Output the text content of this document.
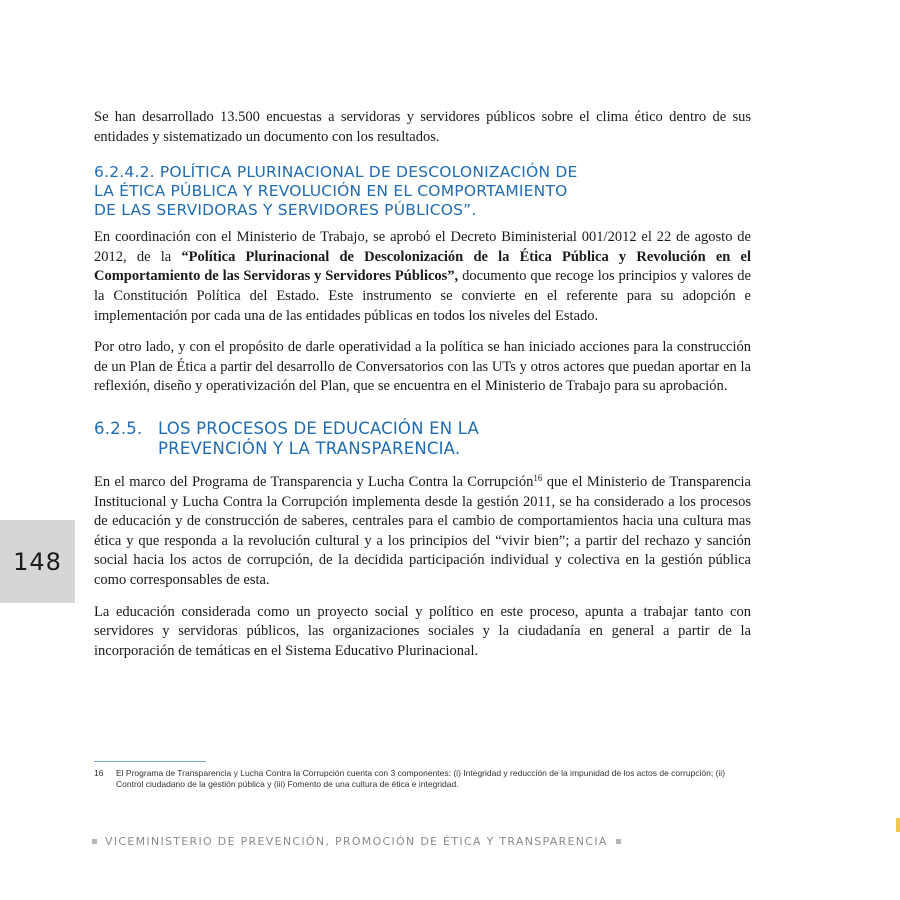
Se han desarrollado 13.500 encuestas a servidoras y servidores públicos sobre el clima ético dentro de sus entidades y sistematizado un documento con los resultados.

6.2.4.2. POLÍTICA PLURINACIONAL DE DESCOLONIZACIÓN DE
LA ÉTICA PÚBLICA Y REVOLUCIÓN EN EL COMPORTAMIENTO
DE LAS SERVIDORAS Y SERVIDORES PÚBLICOS”.

En coordinación con el Ministerio de Trabajo, se aprobó el Decreto Biministerial 001/2012 el 22 de agosto de 2012, de la “Política Plurinacional de Descolonización de la Ética Pública y Revolución en el Comportamiento de las Servidoras y Servidores Públicos”, documento que recoge los principios y valores de la Constitución Política del Estado. Este instrumento se convierte en el referente para su adopción e implementación por cada una de las entidades públicas en todos los niveles del Estado.

Por otro lado, y con el propósito de darle operatividad a la política se han iniciado acciones para la construcción de un Plan de Ética a partir del desarrollo de Conversatorios con las UTs y otros actores que puedan aportar en la reflexión, diseño y operativización del Plan, que se encuentra en el Ministerio de Trabajo para su aprobación.

6.2.5. LOS PROCESOS DE EDUCACIÓN EN LA
PREVENCIÓN Y LA TRANSPARENCIA.

En el marco del Programa de Transparencia y Lucha Contra la Corrupción$^{16}$ que el Ministerio de Transparencia Institucional y Lucha Contra la Corrupción implementa desde la gestión 2011, se ha considerado a los procesos de educación y de construcción de saberes, centrales para el cambio de comportamientos hacia una cultura mas ética y que responda a la revolución cultural y a los principios del “vivir bien”; a partir del rechazo y sanción social hacia los actos de corrupción, de la decidida participación individual y colectiva en la gestión pública como corresponsables de esta.

La educación considerada como un proyecto social y político en este proceso, apunta a trabajar tanto con servidores y servidoras públicos, las organizaciones sociales y la ciudadanía en general a partir de la incorporación de temáticas en el Sistema Educativo Plurinacional.

148
16	El Programa de Transparencia y Lucha Contra la Corrupción cuenta con 3 componentes: (i) Integridad y reducción de la impunidad de los actos de corrupción; (ii) Control ciudadano de la gestión pública y (iii) Fomento de una cultura de ética e integridad.
VICEMINISTERIO DE PREVENCIÓN, PROMOCIÓN DE ÉTICA Y TRANSPARENCIA
